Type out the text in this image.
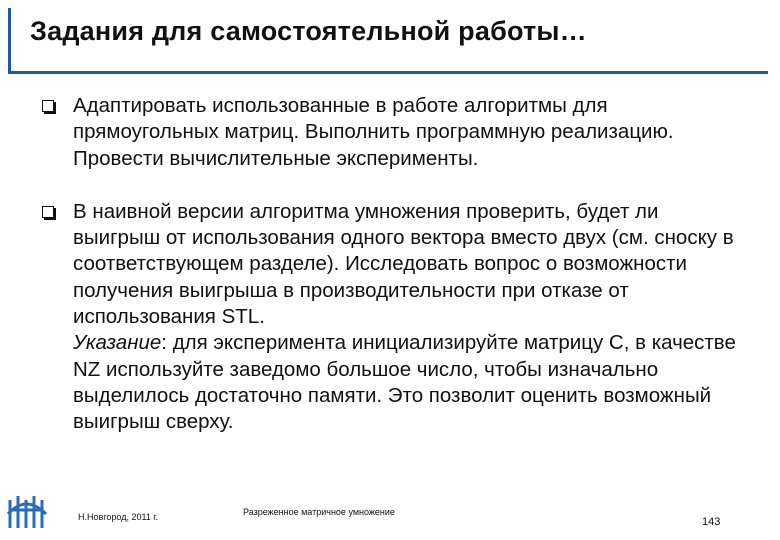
Задания для самостоятельной работы…
Адаптировать использованные в работе алгоритмы для прямоугольных матриц. Выполнить программную реализацию. Провести вычислительные эксперименты.
В наивной версии алгоритма умножения проверить, будет ли выигрыш от использования одного вектора вместо двух (см. сноску в соответствующем разделе). Исследовать вопрос о возможности получения выигрыша в производительности при отказе от использования STL.
Указание: для эксперимента инициализируйте матрицу C, в качестве NZ используйте заведомо большое число, чтобы изначально выделилось достаточно памяти. Это позволит оценить возможный выигрыш сверху.
Н.Новгород, 2011 г.	Разреженное матричное умножение
143
